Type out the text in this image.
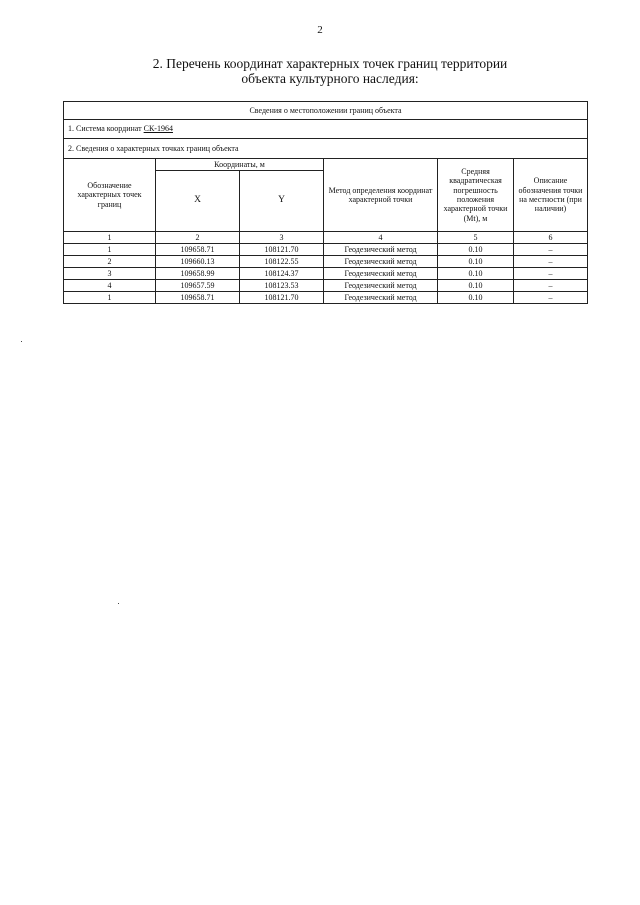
2
2. Перечень координат характерных точек границ территории
объекта культурного наследия:
Сведения о местоположении границ объекта					
1. Система координат СК-1964					
2. Сведения о характерных точках границ объекта					
Обозначение характерных точек границ	Координаты, м		Метод определения координат характерной точки	Средняя квадратическая погрешность положения характерной точки (Mt), м	Описание обозначения точки на местности (при наличии)
	X	Y			
1	2	3	4	5	6
1	109658.71	108121.70	Геодезический метод	0.10	–
2	109660.13	108122.55	Геодезический метод	0.10	–
3	109658.99	108124.37	Геодезический метод	0.10	–
4	109657.59	108123.53	Геодезический метод	0.10	–
1	109658.71	108121.70	Геодезический метод	0.10	–
